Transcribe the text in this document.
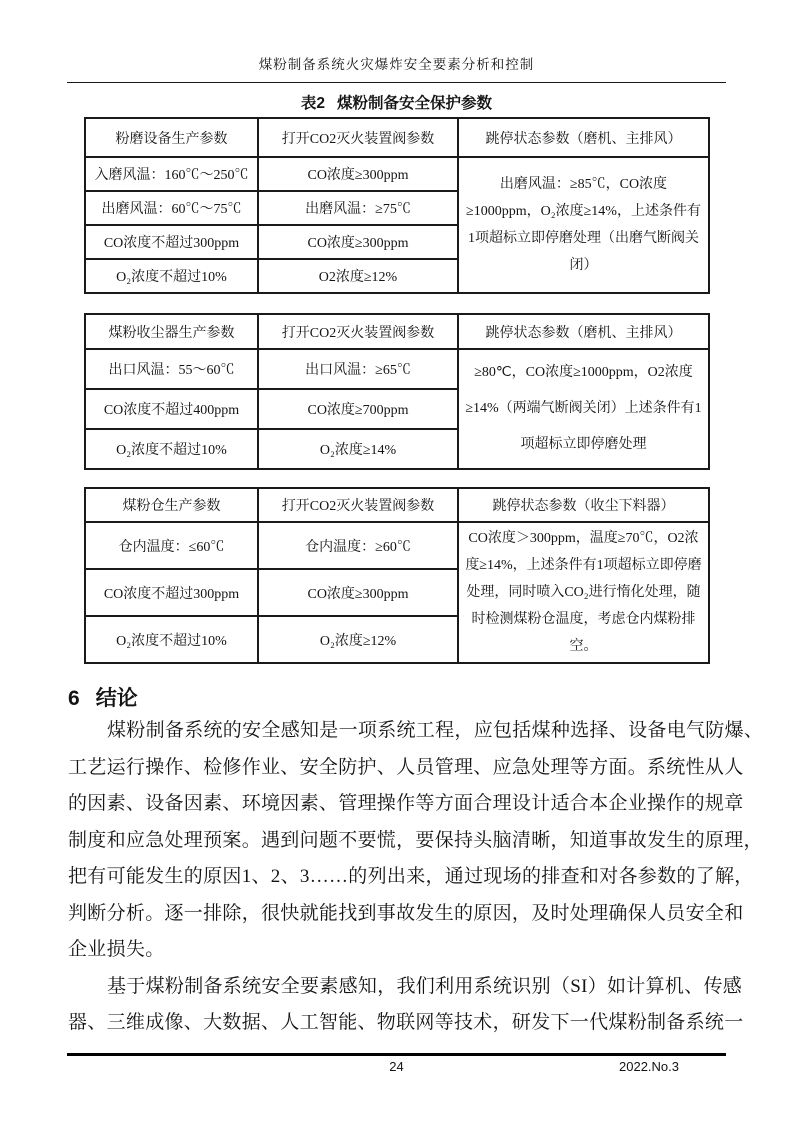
煤粉制备系统火灾爆炸安全要素分析和控制
表2 煤粉制备安全保护参数
粉磨设备生产参数	打开CO2灭火装置阀参数	跳停状态参数（磨机、主排风）
入磨风温：160℃～250℃	CO浓度≥300ppm	出磨风温：≥85℃，CO浓度≥1000ppm，O₂浓度≥14%，上述条件有1项超标立即停磨处理（出磨气断阀关闭）
出磨风温：60℃～75℃	出磨风温：≥75℃	
CO浓度不超过300ppm	CO浓度≥300ppm	
O₂浓度不超过10%	O2浓度≥12%	
煤粉收尘器生产参数	打开CO2灭火装置阀参数	跳停状态参数（磨机、主排风）
出口风温：55～60℃	出口风温：≥65℃	≥80℃，CO浓度≥1000ppm，O2浓度≥14%（两端气断阀关闭）上述条件有1项超标立即停磨处理
CO浓度不超过400ppm	CO浓度≥700ppm	
O₂浓度不超过10%	O₂浓度≥14%	
煤粉仓生产参数	打开CO2灭火装置阀参数	跳停状态参数（收尘下料器）
仓内温度：≤60℃	仓内温度：≥60℃	CO浓度＞300ppm，温度≥70℃，O2浓度≥14%，上述条件有1项超标立即停磨处理，同时喷入CO₂进行惰化处理，随时检测煤粉仓温度，考虑仓内煤粉排空。
CO浓度不超过300ppm	CO浓度≥300ppm	
O₂浓度不超过10%	O₂浓度≥12%	
6 结论
煤粉制备系统的安全感知是一项系统工程，应包括煤种选择、设备电气防爆、
工艺运行操作、检修作业、安全防护、人员管理、应急处理等方面。系统性从人
的因素、设备因素、环境因素、管理操作等方面合理设计适合本企业操作的规章
制度和应急处理预案。遇到问题不要慌，要保持头脑清晰，知道事故发生的原理，
把有可能发生的原因1、2、3……的列出来，通过现场的排查和对各参数的了解，
判断分析。逐一排除，很快就能找到事故发生的原因，及时处理确保人员安全和
企业损失。
基于煤粉制备系统安全要素感知，我们利用系统识别（SI）如计算机、传感
器、三维成像、大数据、人工智能、物联网等技术，研发下一代煤粉制备系统一
24	2022.No.3
